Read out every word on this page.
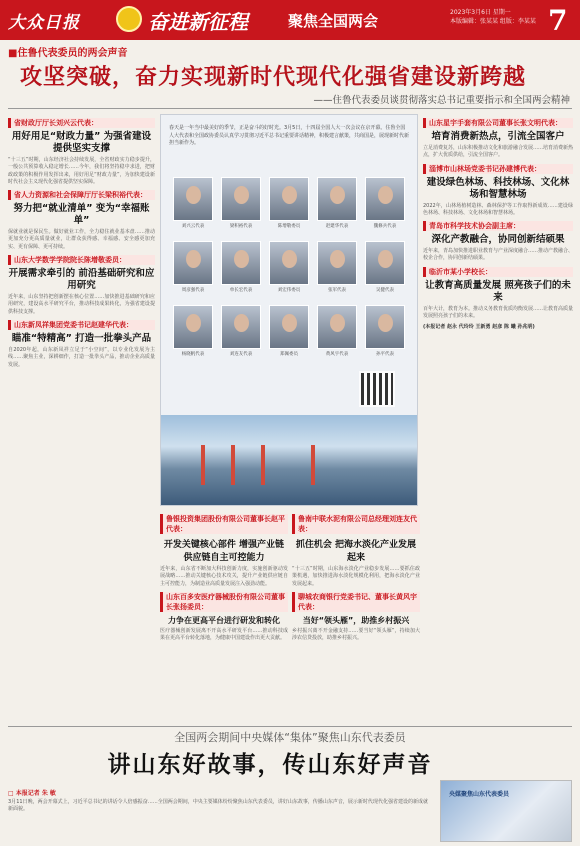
大众日报	奋进新征程	聚焦全国两会	2023年3月6日 星期一
本版编辑：张某某 组版：李某某 7
■住鲁代表委员的两会声音
攻坚突破，奋力实现新时代现代化强省建设新跨越
——住鲁代表委员谈贯彻落实总书记重要指示和全国两会精神
省财政厅厅长刘兴云代表：
用好用足“财政力量” 为强省建设提供坚实支撑
“十三五”时期，山东经济社会持续发展，全省财政实力稳步提升，一般公共预算收入稳定增长……今年，我们将坚持稳中求进，把财政政策的积极作用发挥出来，用好用足“财政力量”，为加快建设新时代社会主义现代化强省提供坚实保障。
省人力资源和社会保障厅厅长梁积裕代表：
努力把“就业清单” 变为“幸福账单”
保就业就是保民生。做好就业工作，全力稳住就业基本盘……推动更加充分更高质量就业，让群众获得感、幸福感、安全感更加充实、更有保障、更可持续。
山东大学数学学院院长陈增敬委员：
开展需求牵引的 前沿基础研究和应用研究
近年来，山东坚持把创新摆在核心位置……加快推进基础研究和应用研究，建设高水平研究平台，推动科技成果转化，为强省建设提供科技支撑。
山东新凤祥集团党委书记赵建华代表：
瞄准“特精高” 打造一批拳头产品
自2020年起，山东新凤祥立足于“小空间”，以专业化发展为主线……聚焦主业，深耕细作，打造一批拳头产品，推动企业高质量发展。
春天是一年当中最美好的季节，正是奋斗的好时光。3月5日，十四届全国人大一次会议在京开幕。住鲁全国人大代表和全国政协委员认真学习贯彻习近平总书记重要讲话精神，积极建言献策，共商国是，展现新时代新担当新作为。
刘兴云代表	梁积裕代表	陈增敬委员	赵建华代表	魏修兵代表
周彦强代表	单长宏代表	刘宏伟委员	张军代表	吴健代表
杨晓帆代表	刘连友代表	郑佩委员	黄风宇代表	孙平代表
鲁银投资集团股份有限公司董事长赵平代表：
开发关键核心部件 增强产业链供应链自主可控能力
近年来，山东省不断加大科技创新力度，实施创新驱动发展战略……推动关键核心技术攻关，提升产业链供应链自主可控能力，为制造业高质量发展注入强劲动能。
山东百多安医疗器械股份有限公司董事长张扬委员：
力争在更高平台进行研发和转化
医疗器械创新发展离不开高水平研发平台……推动科技成果在更高平台转化落地，为健康中国建设作出更大贡献。
鲁南中联水泥有限公司总经理刘连友代表：
抓住机会 把海水淡化产业发展起来
“十三五”时期，山东海水淡化产业稳步发展……要抓住政策机遇，加快推进海水淡化规模化利用，把海水淡化产业发展起来。
聊城农商银行党委书记、董事长黄风宇代表：
当好“领头雁”，助推乡村振兴
乡村振兴离不开金融支持……要当好“领头雁”，持续加大涉农信贷投放，助推乡村振兴。
山东星宇手套有限公司董事长张文明代表：
培育消费新热点，引流全国客户
立足消费复苏，山东积极推动文化和旅游融合发展……培育消费新热点，扩大优质供给，引流全国客户。
淄博市山林场党委书记孙建博代表：
建设绿色林场、科技林场、文化林场和智慧林场
2022年，山林场植树造林、森林保护等工作取得新成效……建设绿色林场、科技林场、文化林场和智慧林场。
青岛市科学技术协会副主席：
深化产教融合，协同创新结硕果
近年来，青岛加快推进职业教育与产业深度融合……推动产教融合、校企合作，协同创新结硕果。
临沂市某小学校长：
让教育高质量发展 照亮孩子们的未来
百年大计，教育为本。推动义务教育优质均衡发展……让教育高质量发展照亮孩子们的未来。
(本报记者 赵永 代玲玲 王新勇 赵彦 陈 曦 孙兆明)
全国两会期间中央媒体“集体”聚焦山东代表委员
讲山东好故事，传山东好声音
□ 本报记者 朱 敏
3月11日晚，两会开幕式上，习近平总书记的讲话令人倍感振奋……全国两会期间，中央主要媒体纷纷聚焦山东代表委员，讲好山东故事，传播山东声音，展示新时代现代化强省建设的新成就新面貌。
央媒聚焦山东代表委员
